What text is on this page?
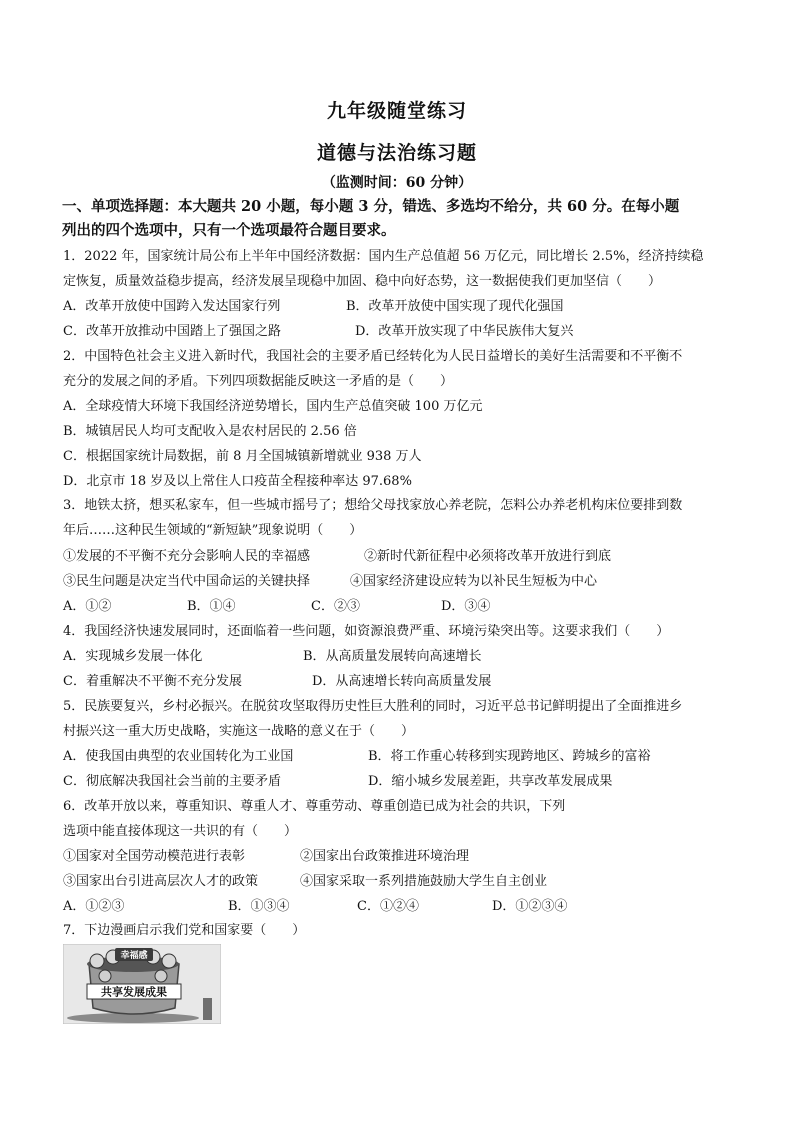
九年级随堂练习
道德与法治练习题
（监测时间：60 分钟）
一、单项选择题：本大题共 20 小题，每小题 3 分，错选、多选均不给分，共 60 分。在每小题
列出的四个选项中，只有一个选项最符合题目要求。
1．2022 年，国家统计局公布上半年中国经济数据：国内生产总值超 56 万亿元，同比增长 2.5%，经济持续稳
定恢复，质量效益稳步提高，经济发展呈现稳中加固、稳中向好态势，这一数据使我们更加坚信（　　）
A．改革开放使中国跨入发达国家行列	B．改革开放使中国实现了现代化强国
C．改革开放推动中国踏上了强国之路	D．改革开放实现了中华民族伟大复兴
2．中国特色社会主义进入新时代，我国社会的主要矛盾已经转化为人民日益增长的美好生活需要和不平衡不
充分的发展之间的矛盾。下列四项数据能反映这一矛盾的是（　　）
A．全球疫情大环境下我国经济逆势增长，国内生产总值突破 100 万亿元
B．城镇居民人均可支配收入是农村居民的 2.56 倍
C．根据国家统计局数据，前 8 月全国城镇新增就业 938 万人
D．北京市 18 岁及以上常住人口疫苗全程接种率达 97.68%
3．地铁太挤，想买私家车，但一些城市摇号了；想给父母找家放心养老院，怎料公办养老机构床位要排到数
年后……这种民生领域的“新短缺”现象说明（　　）
①发展的不平衡不充分会影响人民的幸福感	②新时代新征程中必须将改革开放进行到底
③民生问题是决定当代中国命运的关键抉择	④国家经济建设应转为以补民生短板为中心
A．①②	B．①④	C．②③	D．③④
4．我国经济快速发展同时，还面临着一些问题，如资源浪费严重、环境污染突出等。这要求我们（　　）
A．实现城乡发展一体化	B．从高质量发展转向高速增长
C．着重解决不平衡不充分发展	D．从高速增长转向高质量发展
5．民族要复兴，乡村必振兴。在脱贫攻坚取得历史性巨大胜利的同时，习近平总书记鲜明提出了全面推进乡
村振兴这一重大历史战略，实施这一战略的意义在于（　　）
A．使我国由典型的农业国转化为工业国	B．将工作重心转移到实现跨地区、跨城乡的富裕
C．彻底解决我国社会当前的主要矛盾	D．缩小城乡发展差距，共享改革发展成果
6．改革开放以来，尊重知识、尊重人才、尊重劳动、尊重创造已成为社会的共识，下列
选项中能直接体现这一共识的有（　　）
①国家对全国劳动模范进行表彰	②国家出台政策推进环境治理
③国家出台引进高层次人才的政策	④国家采取一系列措施鼓励大学生自主创业
A．①②③	B．①③④	C．①②④	D．①②③④
7．下边漫画启示我们党和国家要（　　）
幸福感
共享发展成果
